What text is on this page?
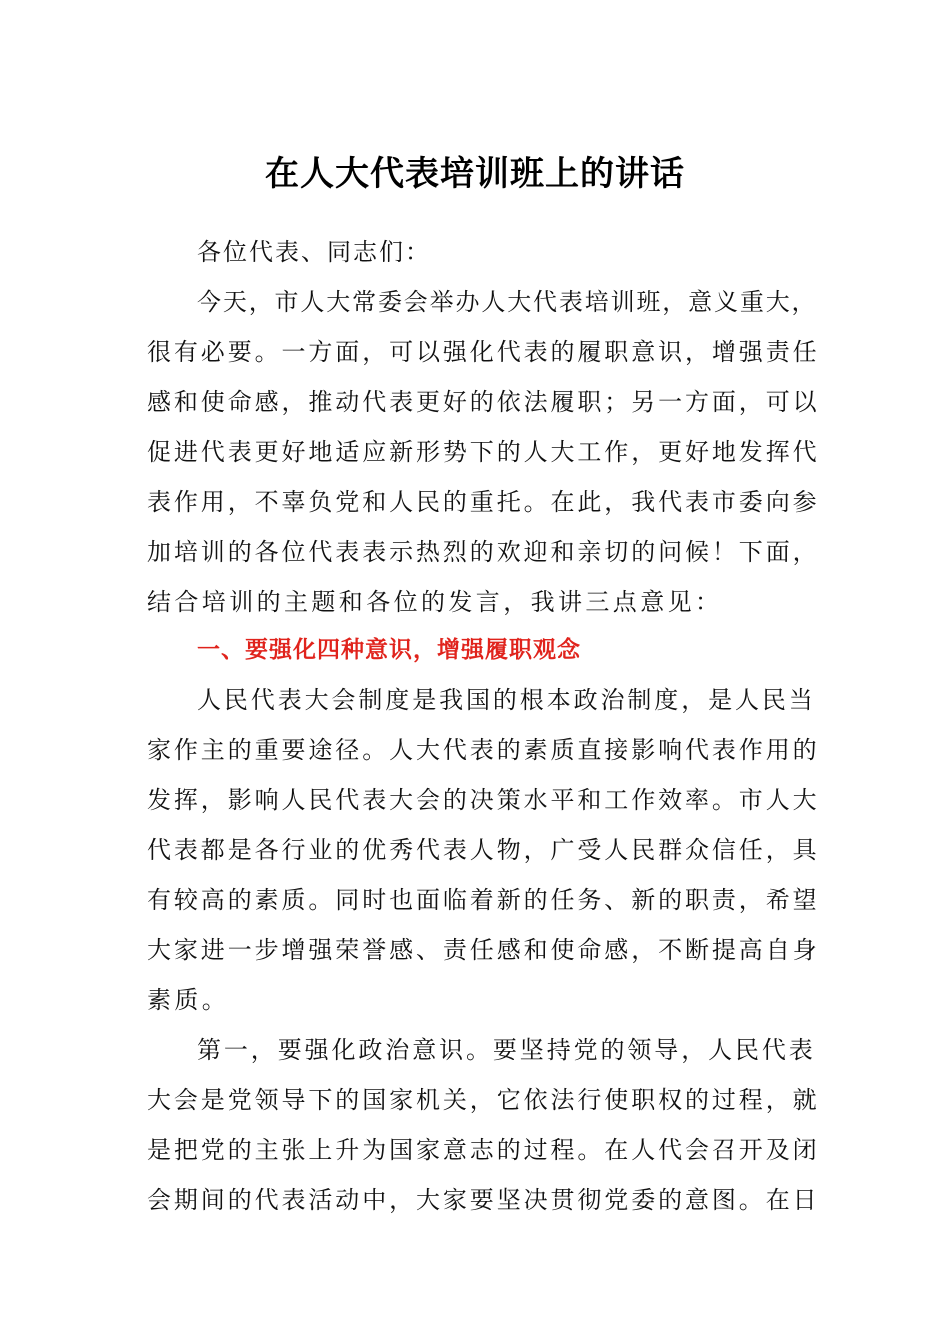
在人大代表培训班上的讲话
各位代表、同志们：
今天，市人大常委会举办人大代表培训班，意义重大，
很有必要。一方面，可以强化代表的履职意识，增强责任
感和使命感，推动代表更好的依法履职；另一方面，可以
促进代表更好地适应新形势下的人大工作，更好地发挥代
表作用，不辜负党和人民的重托。在此，我代表市委向参
加培训的各位代表表示热烈的欢迎和亲切的问候！下面，
结合培训的主题和各位的发言，我讲三点意见：
一、要强化四种意识，增强履职观念
人民代表大会制度是我国的根本政治制度，是人民当
家作主的重要途径。人大代表的素质直接影响代表作用的
发挥，影响人民代表大会的决策水平和工作效率。市人大
代表都是各行业的优秀代表人物，广受人民群众信任，具
有较高的素质。同时也面临着新的任务、新的职责，希望
大家进一步增强荣誉感、责任感和使命感，不断提高自身
素质。
第一，要强化政治意识。要坚持党的领导，人民代表
大会是党领导下的国家机关，它依法行使职权的过程，就
是把党的主张上升为国家意志的过程。在人代会召开及闭
会期间的代表活动中，大家要坚决贯彻党委的意图。在日
